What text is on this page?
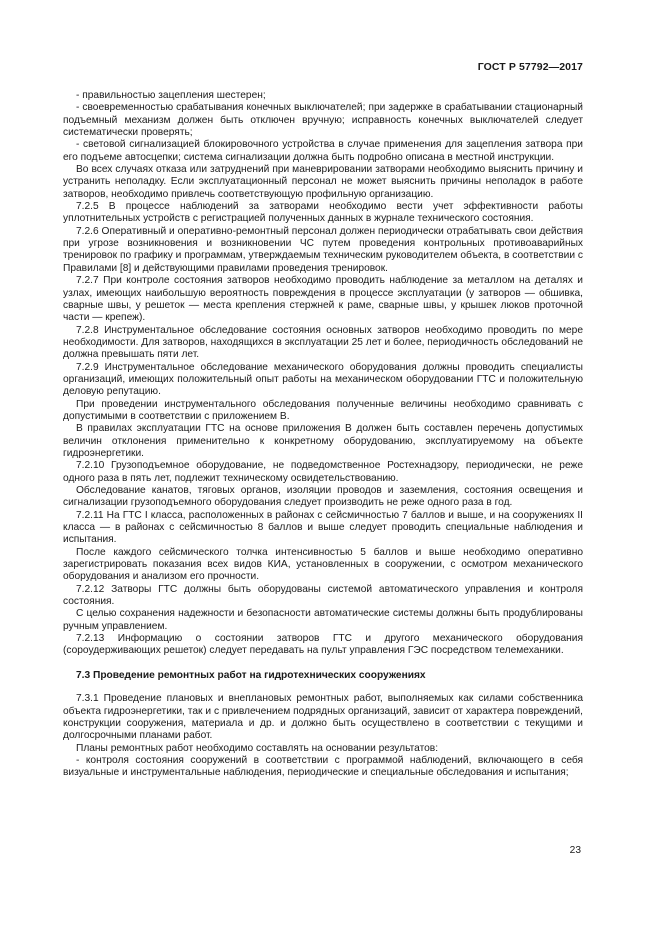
ГОСТ Р 57792—2017

- правильностью зацепления шестерен;

- своевременностью срабатывания конечных выключателей; при задержке в срабатывании стационарный подъемный механизм должен быть отключен вручную; исправность конечных выключателей следует систематически проверять;

- световой сигнализацией блокировочного устройства в случае применения для зацепления затвора при его подъеме автосцепки; система сигнализации должна быть подробно описана в местной инструкции.

Во всех случаях отказа или затруднений при маневрировании затворами необходимо выяснить причину и устранить неполадку. Если эксплуатационный персонал не может выяснить причины неполадок в работе затворов, необходимо привлечь соответствующую профильную организацию.

7.2.5 В процессе наблюдений за затворами необходимо вести учет эффективности работы уплотнительных устройств с регистрацией полученных данных в журнале технического состояния.

7.2.6 Оперативный и оперативно-ремонтный персонал должен периодически отрабатывать свои действия при угрозе возникновения и возникновении ЧС путем проведения контрольных противоаварийных тренировок по графику и программам, утверждаемым техническим руководителем объекта, в соответствии с Правилами [8] и действующими правилами проведения тренировок.

7.2.7 При контроле состояния затворов необходимо проводить наблюдение за металлом на деталях и узлах, имеющих наибольшую вероятность повреждения в процессе эксплуатации (у затворов — обшивка, сварные швы, у решеток — места крепления стержней к раме, сварные швы, у крышек люков проточной части — крепеж).

7.2.8 Инструментальное обследование состояния основных затворов необходимо проводить по мере необходимости. Для затворов, находящихся в эксплуатации 25 лет и более, периодичность обследований не должна превышать пяти лет.

7.2.9 Инструментальное обследование механического оборудования должны проводить специалисты организаций, имеющих положительный опыт работы на механическом оборудовании ГТС и положительную деловую репутацию.

При проведении инструментального обследования полученные величины необходимо сравнивать с допустимыми в соответствии с приложением В.

В правилах эксплуатации ГТС на основе приложения В должен быть составлен перечень допустимых величин отклонения применительно к конкретному оборудованию, эксплуатируемому на объекте гидроэнергетики.

7.2.10 Грузоподъемное оборудование, не подведомственное Ростехнадзору, периодически, не реже одного раза в пять лет, подлежит техническому освидетельствованию.

Обследование канатов, тяговых органов, изоляции проводов и заземления, состояния освещения и сигнализации грузоподъемного оборудования следует производить не реже одного раза в год.

7.2.11 На ГТС I класса, расположенных в районах с сейсмичностью 7 баллов и выше, и на сооружениях II класса — в районах с сейсмичностью 8 баллов и выше следует проводить специальные наблюдения и испытания.

После каждого сейсмического толчка интенсивностью 5 баллов и выше необходимо оперативно зарегистрировать показания всех видов КИА, установленных в сооружении, с осмотром механического оборудования и анализом его прочности.

7.2.12 Затворы ГТС должны быть оборудованы системой автоматического управления и контроля состояния.

С целью сохранения надежности и безопасности автоматические системы должны быть продублированы ручным управлением.

7.2.13 Информацию о состоянии затворов ГТС и другого механического оборудования (сороудерживающих решеток) следует передавать на пульт управления ГЭС посредством телемеханики.

7.3 Проведение ремонтных работ на гидротехнических сооружениях

7.3.1 Проведение плановых и внеплановых ремонтных работ, выполняемых как силами собственника объекта гидроэнергетики, так и с привлечением подрядных организаций, зависит от характера повреждений, конструкции сооружения, материала и др. и должно быть осуществлено в соответствии с текущими и долгосрочными планами работ.

Планы ремонтных работ необходимо составлять на основании результатов:

- контроля состояния сооружений в соответствии с программой наблюдений, включающего в себя визуальные и инструментальные наблюдения, периодические и специальные обследования и испытания;

23
